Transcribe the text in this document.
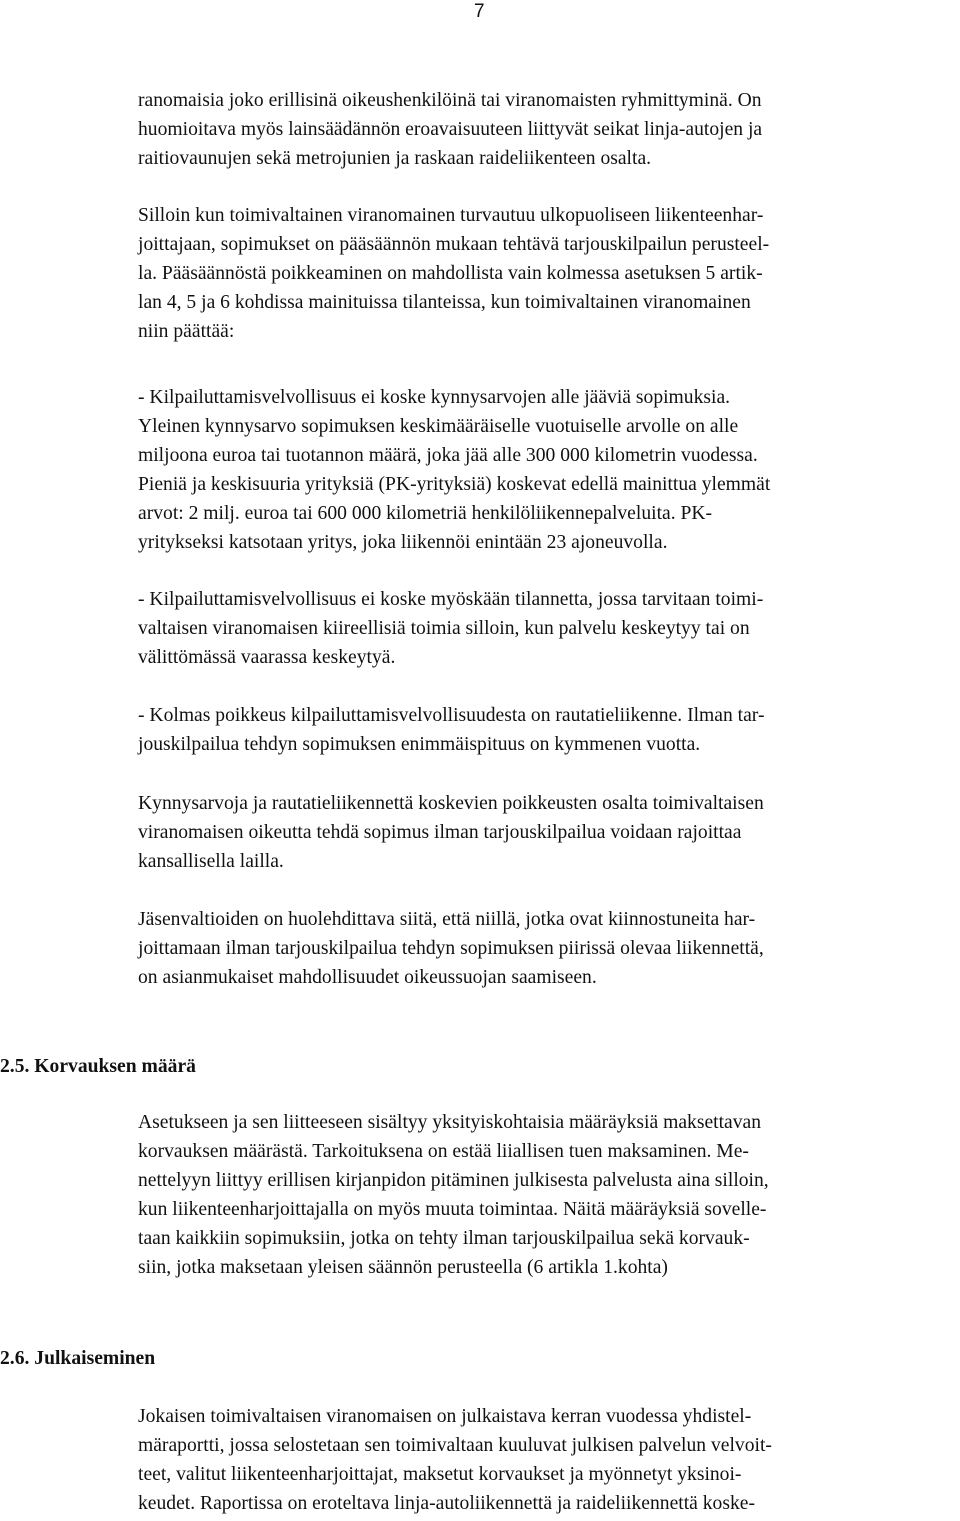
7

ranomaisia joko erillisinä oikeushenkilöinä tai viranomaisten ryhmittyminä. On

huomioitava myös lainsäädännön eroavaisuuteen liittyvät seikat linja-autojen ja

raitiovaunujen sekä metrojunien ja raskaan raideliikenteen osalta.

Silloin kun toimivaltainen viranomainen turvautuu ulkopuoliseen liikenteenhar-

joittajaan, sopimukset on pääsäännön mukaan tehtävä tarjouskilpailun perusteel-

la. Pääsäännöstä poikkeaminen on mahdollista vain kolmessa asetuksen 5 artik-

lan 4, 5 ja 6 kohdissa mainituissa tilanteissa, kun toimivaltainen viranomainen

niin päättää:

- Kilpailuttamisvelvollisuus ei koske kynnysarvojen alle jääviä sopimuksia.

Yleinen kynnysarvo sopimuksen keskimääräiselle vuotuiselle arvolle on alle

miljoona euroa tai tuotannon määrä, joka jää alle 300 000 kilometrin vuodessa.

Pieniä ja keskisuuria yrityksiä (PK-yrityksiä) koskevat edellä mainittua ylemmät

arvot: 2 milj. euroa tai 600 000 kilometriä henkilöliikennepalveluita. PK-

yritykseksi katsotaan yritys, joka liikennöi enintään 23 ajoneuvolla.

- Kilpailuttamisvelvollisuus ei koske myöskään tilannetta, jossa tarvitaan toimi-

valtaisen viranomaisen kiireellisiä toimia silloin, kun palvelu keskeytyy tai on

välittömässä vaarassa keskeytyä.

- Kolmas poikkeus kilpailuttamisvelvollisuudesta on rautatieliikenne. Ilman tar-

jouskilpailua tehdyn sopimuksen enimmäispituus on kymmenen vuotta.

Kynnysarvoja ja rautatieliikennettä koskevien poikkeusten osalta toimivaltaisen

viranomaisen oikeutta tehdä sopimus ilman tarjouskilpailua voidaan rajoittaa

kansallisella lailla.

Jäsenvaltioiden on huolehdittava siitä, että niillä, jotka ovat kiinnostuneita har-

joittamaan ilman tarjouskilpailua tehdyn sopimuksen piirissä olevaa liikennettä,

on asianmukaiset mahdollisuudet oikeussuojan saamiseen.

2.5. Korvauksen määrä

Asetukseen ja sen liitteeseen sisältyy yksityiskohtaisia määräyksiä maksettavan

korvauksen määrästä. Tarkoituksena on estää liiallisen tuen maksaminen. Me-

nettelyyn liittyy erillisen kirjanpidon pitäminen julkisesta palvelusta aina silloin,

kun liikenteenharjoittajalla on myös muuta toimintaa. Näitä määräyksiä sovelle-

taan kaikkiin sopimuksiin, jotka on tehty ilman tarjouskilpailua sekä korvauk-

siin, jotka maksetaan yleisen säännön perusteella (6 artikla 1.kohta)

2.6. Julkaiseminen

Jokaisen toimivaltaisen viranomaisen on julkaistava kerran vuodessa yhdistel-

märaportti, jossa selostetaan sen toimivaltaan kuuluvat julkisen palvelun velvoit-

teet, valitut liikenteenharjoittajat, maksetut korvaukset ja myönnetyt yksinoi-

keudet. Raportissa on eroteltava linja-autoliikennettä ja raideliikennettä koske-
